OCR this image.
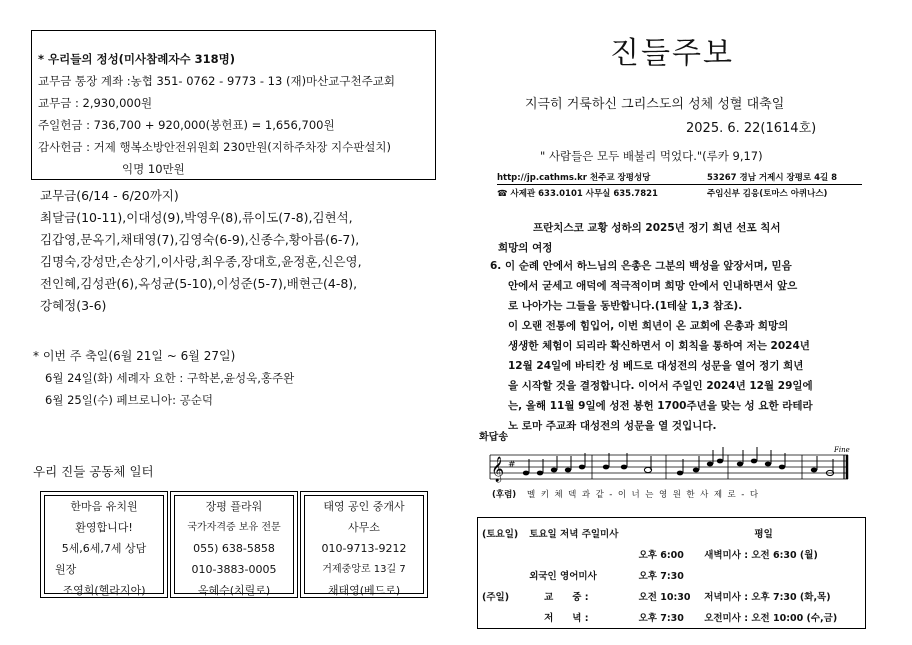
* 우리들의 정성(미사참례자수 318명)
교무금 통장 계좌 :농협 351- 0762 - 9773 - 13 (재)마산교구천주교회
교무금 : 2,930,000원
주일헌금 : 736,700 + 920,000(봉헌표) = 1,656,700원
감사헌금 : 거제 행복소방안전위원회 230만원(지하주차장 지수판설치)
익명 10만원
교무금(6/14 - 6/20까지)
최달금(10-11),이대성(9),박영우(8),류이도(7-8),김현석,
김갑영,문옥기,채태영(7),김영숙(6-9),신종수,황아름(6-7),
김명숙,강성만,손상기,이사랑,최우종,장대호,윤정훈,신은영,
전인혜,김성관(6),옥성균(5-10),이성준(5-7),배현근(4-8),
강혜정(3-6)
* 이번 주 축일(6월 21일 ~ 6월 27일)
6월 24일(화) 세례자 요한 : 구학본,윤성욱,홍주완
6월 25일(수) 페브로니아: 공순덕
우리 진들 공동체 일터
한마음 유치원
환영합니다!
5세,6세,7세 상담
원장
조영희(헬라지아)
장평 플라워
국가자격증 보유 전문
055) 638-5858
010-3883-0005
옥혜수(치릴로)
태영 공인 중개사
사무소
010-9713-9212
거제중앙로 13길 7
채태영(베드로)
진들주보
지극히 거룩하신 그리스도의 성체 성혈 대축일
2025. 6. 22(1614호)
" 사람들은 모두 배불리 먹었다."(루카 9,17)
http://jp.cathms.kr 천주교 장평성당	53267 경남 거제시 장평로 4길 8
☎ 사제관 633.0101 사무실 635.7821	주임신부 김응(토마스 아퀴나스)
프란치스코 교황 성하의 2025년 정기 희년 선포 칙서
희망의 여정
6. 이 순례 안에서 하느님의 은총은 그분의 백성을 앞장서며, 믿음
안에서 굳세고 애덕에 적극적이며 희망 안에서 인내하면서 앞으
로 나아가는 그들을 동반합니다.(1테살 1,3 참조).
이 오랜 전통에 힘입어, 이번 희년이 온 교회에 은총과 희망의
생생한 체험이 되리라 확신하면서 이 회칙을 통하여 저는 2024년
12월 24일에 바티칸 성 베드로 대성전의 성문을 열어 정기 희년
을 시작할 것을 결정합니다. 이어서 주일인 2024년 12월 29일에
는, 올해 11월 9일에 성전 봉헌 1700주년을 맞는 성 요한 라테라
노 로마 주교좌 대성전의 성문을 열 것입니다.
화답송
𝄞 #
Fine
(후렴) 멜 키 체 덱 과 같 - 이 너 는 영 원 한 사 제 로 - 다
(토요일)	토요일 저녁 주일미사			평일
			오후 6:00	새벽미사 : 오전 6:30 (월)
	외국인 영어미사		오후 7:30	
(주일)	교	중 :	오전 10:30	저녁미사 : 오후 7:30 (화,목)
	저	녁 :	오후 7:30	오전미사 : 오전 10:00 (수,금)
